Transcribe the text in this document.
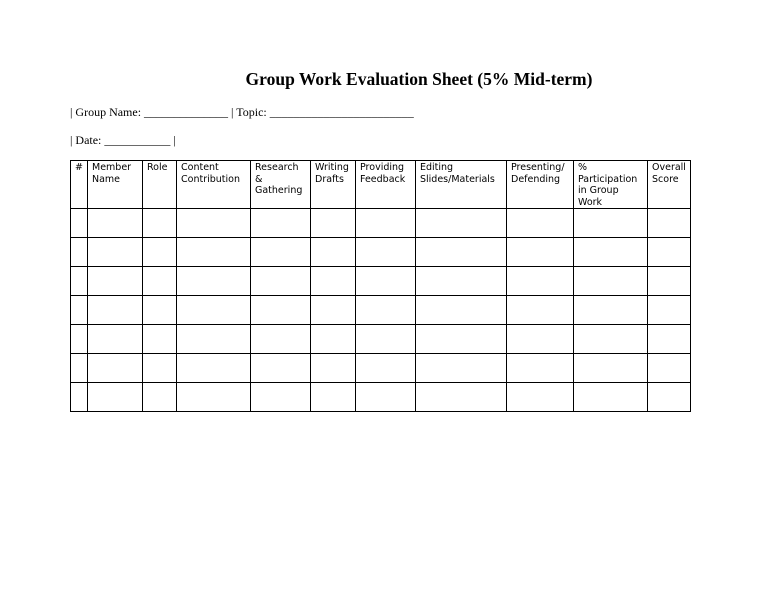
Group Work Evaluation Sheet (5% Mid-term)
| Group Name: ______________ | Topic: ________________________
| Date: ___________ |
#	Member Name	Role	Content Contribution	Research & Gathering	Writing Drafts	Providing Feedback	Editing Slides/Materials	Presenting/ Defending	% Participation in Group Work	Overall Score
